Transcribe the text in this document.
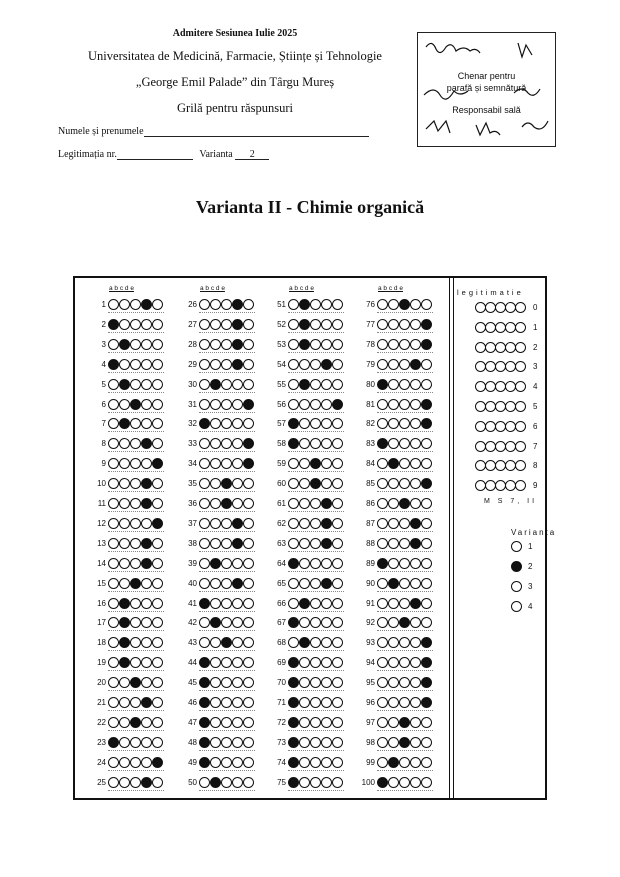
Admitere Sesiunea Iulie 2025
Universitatea de Medicină, Farmacie, Științe și Tehnologie
„George Emil Palade” din Târgu Mureș
Grilă pentru răspunsuri
Numele și prenumele
Legitimația nr.	Varianta 2
Chenar pentru
parafă și semnătură
Responsabil sală
Varianta II - Chimie organică
legitimatie
M S 7, II
Varianta
a b c d e
1
2
3
4
5
6
7
8
9
10
11
12
13
14
15
16
17
18
19
20
21
22
23
24
25
a b c d e
26
27
28
29
30
31
32
33
34
35
36
37
38
39
40
41
42
43
44
45
46
47
48
49
50
a b c d e
51
52
53
54
55
56
57
58
59
60
61
62
63
64
65
66
67
68
69
70
71
72
73
74
75
a b c d e
76
77
78
79
80
81
82
83
84
85
86
87
88
89
90
91
92
93
94
95
96
97
98
99
100
0
1
2
3
4
5
6
7
8
9
1
2
3
4
